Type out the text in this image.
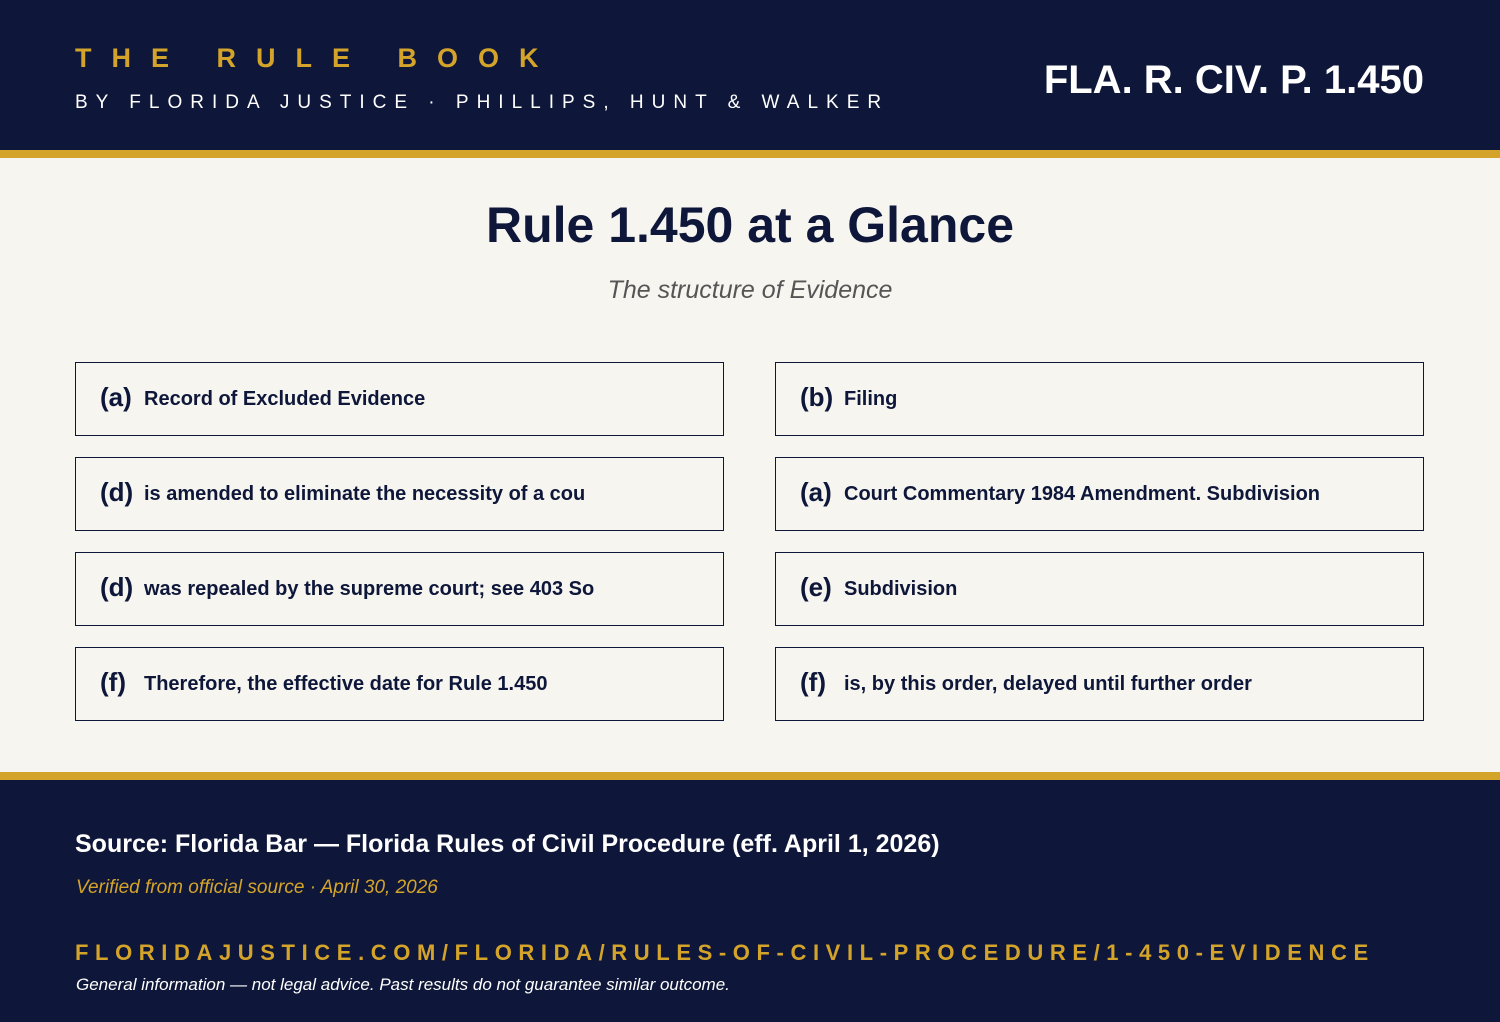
THE RULE BOOK
BY FLORIDA JUSTICE · PHILLIPS, HUNT & WALKER
FLA. R. CIV. P. 1.450
Rule 1.450 at a Glance
The structure of Evidence
(a) Record of Excluded Evidence	(b) Filing
(d) is amended to eliminate the necessity of a cou	(a) Court Commentary 1984 Amendment. Subdivision
(d) was repealed by the supreme court; see 403 So	(e) Subdivision
(f) Therefore, the effective date for Rule 1.450	(f) is, by this order, delayed until further order
Source: Florida Bar — Florida Rules of Civil Procedure (eff. April 1, 2026)
Verified from official source · April 30, 2026
FLORIDAJUSTICE.COM/FLORIDA/RULES-OF-CIVIL-PROCEDURE/1-450-EVIDENCE
General information — not legal advice. Past results do not guarantee similar outcome.
